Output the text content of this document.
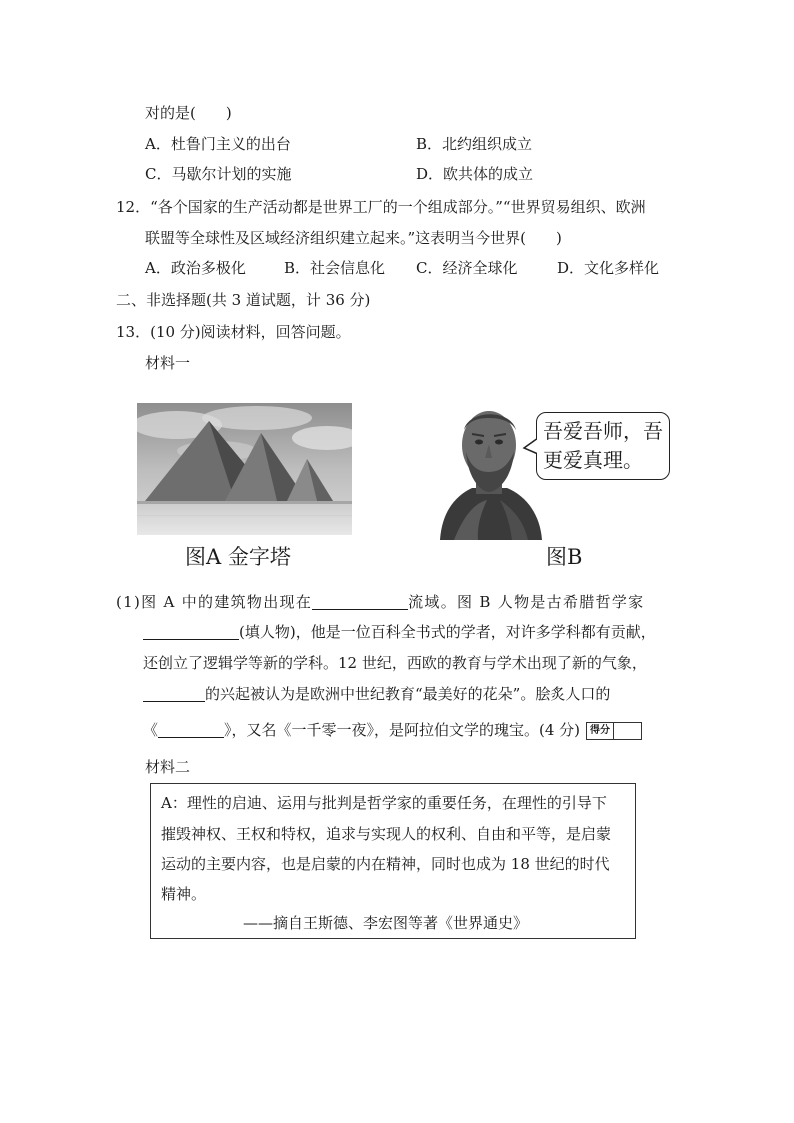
对的是(　　)
A．杜鲁门主义的出台	B．北约组织成立
C．马歇尔计划的实施	D．欧共体的成立
12．“各个国家的生产活动都是世界工厂的一个组成部分。”“世界贸易组织、欧洲
联盟等全球性及区域经济组织建立起来。”这表明当今世界(　　)
A．政治多极化	B．社会信息化 C．经济全球化	D．文化多样化
二、非选择题(共 3 道试题，计 36 分)
13．(10 分)阅读材料，回答问题。
材料一
图A 金字塔
吾爱吾师，吾更爱真理。
图B
(1)图 A 中的建筑物出现在	流域。图 B 人物是古希腊哲学家
(填人物)，他是一位百科全书式的学者，对许多学科都有贡献，
还创立了逻辑学等新的学科。12 世纪，西欧的教育与学术出现了新的气象，
的兴起被认为是欧洲中世纪教育“最美好的花朵”。脍炙人口的
《	》，又名《一千零一夜》，是阿拉伯文学的瑰宝。(4 分)	得分
材料二
A：理性的启迪、运用与批判是哲学家的重要任务，在理性的引导下
摧毁神权、王权和特权，追求与实现人的权利、自由和平等，是启蒙
运动的主要内容，也是启蒙的内在精神，同时也成为 18 世纪的时代
精神。
——摘自王斯德、李宏图等著《世界通史》
